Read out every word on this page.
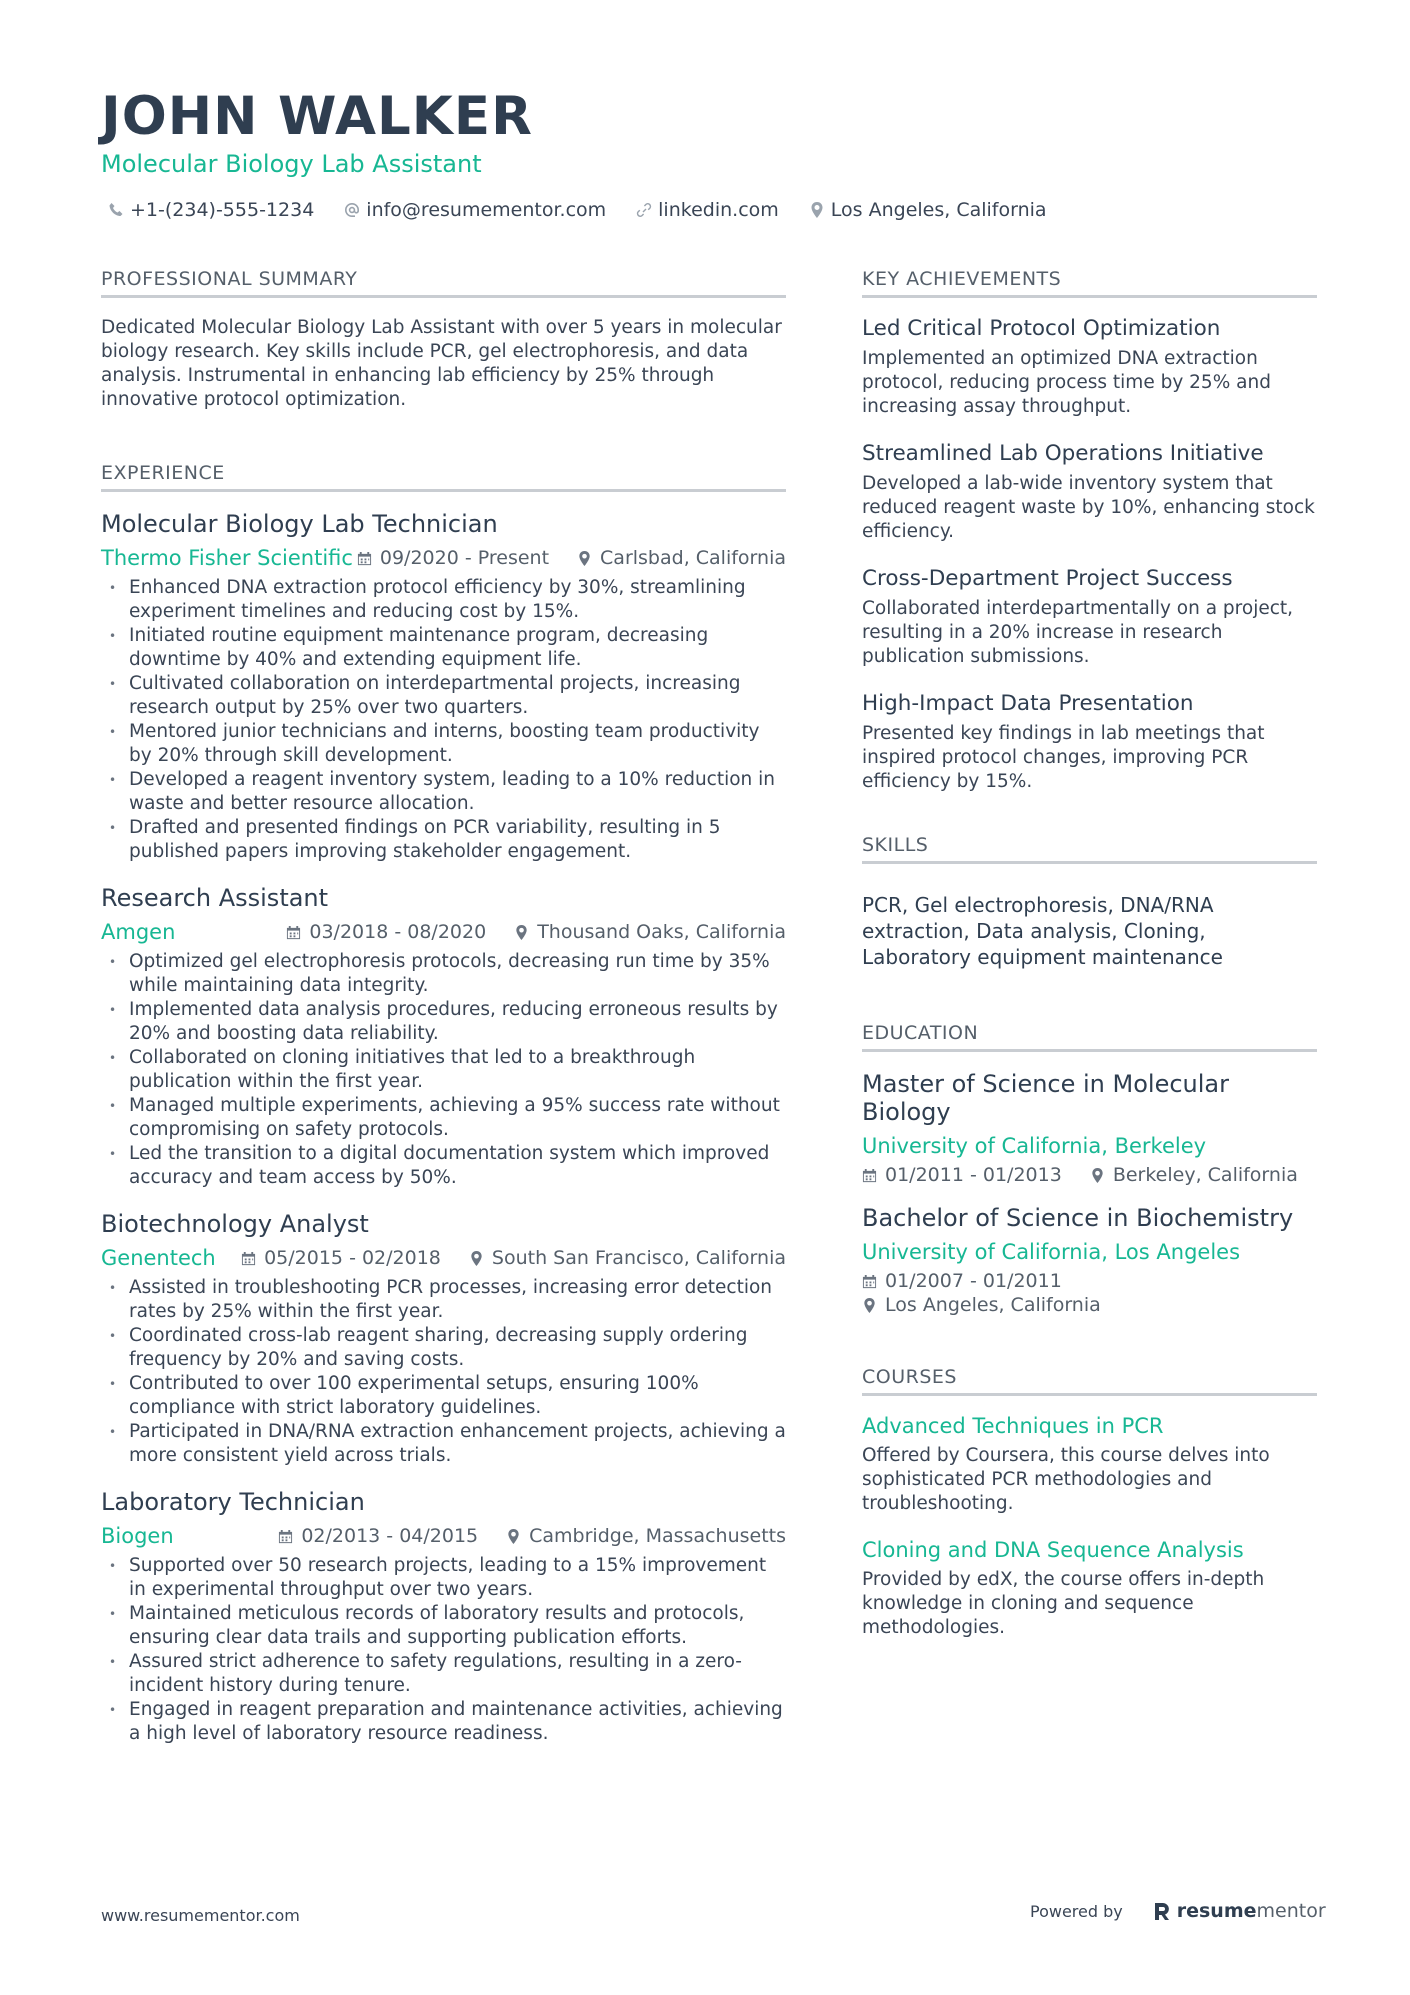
JOHN WALKER
Molecular Biology Lab Assistant
+1-(234)-555-1234	info@resumementor.com	linkedin.com	Los Angeles, California
PROFESSIONAL SUMMARY
Dedicated Molecular Biology Lab Assistant with over 5 years in molecular biology research. Key skills include PCR, gel electrophoresis, and data analysis. Instrumental in enhancing lab efficiency by 25% through innovative protocol optimization.
EXPERIENCE
Molecular Biology Lab Technician
Thermo Fisher Scientific 09/2020 - Present	Carlsbad, California
• Enhanced DNA extraction protocol efficiency by 30%, streamlining experiment timelines and reducing cost by 15%.
• Initiated routine equipment maintenance program, decreasing downtime by 40% and extending equipment life.
• Cultivated collaboration on interdepartmental projects, increasing research output by 25% over two quarters.
• Mentored junior technicians and interns, boosting team productivity by 20% through skill development.
• Developed a reagent inventory system, leading to a 10% reduction in waste and better resource allocation.
• Drafted and presented findings on PCR variability, resulting in 5 published papers improving stakeholder engagement.
Research Assistant
Amgen	03/2018 - 08/2020	Thousand Oaks, California
• Optimized gel electrophoresis protocols, decreasing run time by 35% while maintaining data integrity.
• Implemented data analysis procedures, reducing erroneous results by 20% and boosting data reliability.
• Collaborated on cloning initiatives that led to a breakthrough publication within the first year.
• Managed multiple experiments, achieving a 95% success rate without compromising on safety protocols.
• Led the transition to a digital documentation system which improved accuracy and team access by 50%.
Biotechnology Analyst
Genentech	05/2015 - 02/2018	South San Francisco, California
• Assisted in troubleshooting PCR processes, increasing error detection rates by 25% within the first year.
• Coordinated cross-lab reagent sharing, decreasing supply ordering frequency by 20% and saving costs.
• Contributed to over 100 experimental setups, ensuring 100% compliance with strict laboratory guidelines.
• Participated in DNA/RNA extraction enhancement projects, achieving a more consistent yield across trials.
Laboratory Technician
Biogen	02/2013 - 04/2015	Cambridge, Massachusetts
• Supported over 50 research projects, leading to a 15% improvement in experimental throughput over two years.
• Maintained meticulous records of laboratory results and protocols, ensuring clear data trails and supporting publication efforts.
• Assured strict adherence to safety regulations, resulting in a zero-incident history during tenure.
• Engaged in reagent preparation and maintenance activities, achieving a high level of laboratory resource readiness.
KEY ACHIEVEMENTS
Led Critical Protocol Optimization
Implemented an optimized DNA extraction protocol, reducing process time by 25% and increasing assay throughput.
Streamlined Lab Operations Initiative
Developed a lab-wide inventory system that reduced reagent waste by 10%, enhancing stock efficiency.
Cross-Department Project Success
Collaborated interdepartmentally on a project, resulting in a 20% increase in research publication submissions.
High-Impact Data Presentation
Presented key findings in lab meetings that inspired protocol changes, improving PCR efficiency by 15%.
SKILLS
PCR, Gel electrophoresis, DNA/RNA extraction, Data analysis, Cloning, Laboratory equipment maintenance
EDUCATION
Master of Science in Molecular Biology
University of California, Berkeley
01/2011 - 01/2013	Berkeley, California
Bachelor of Science in Biochemistry
University of California, Los Angeles
01/2007 - 01/2011
Los Angeles, California
COURSES
Advanced Techniques in PCR
Offered by Coursera, this course delves into sophisticated PCR methodologies and troubleshooting.
Cloning and DNA Sequence Analysis
Provided by edX, the course offers in-depth knowledge in cloning and sequence methodologies.
www.resumementor.com	Powered by	resume mentor
